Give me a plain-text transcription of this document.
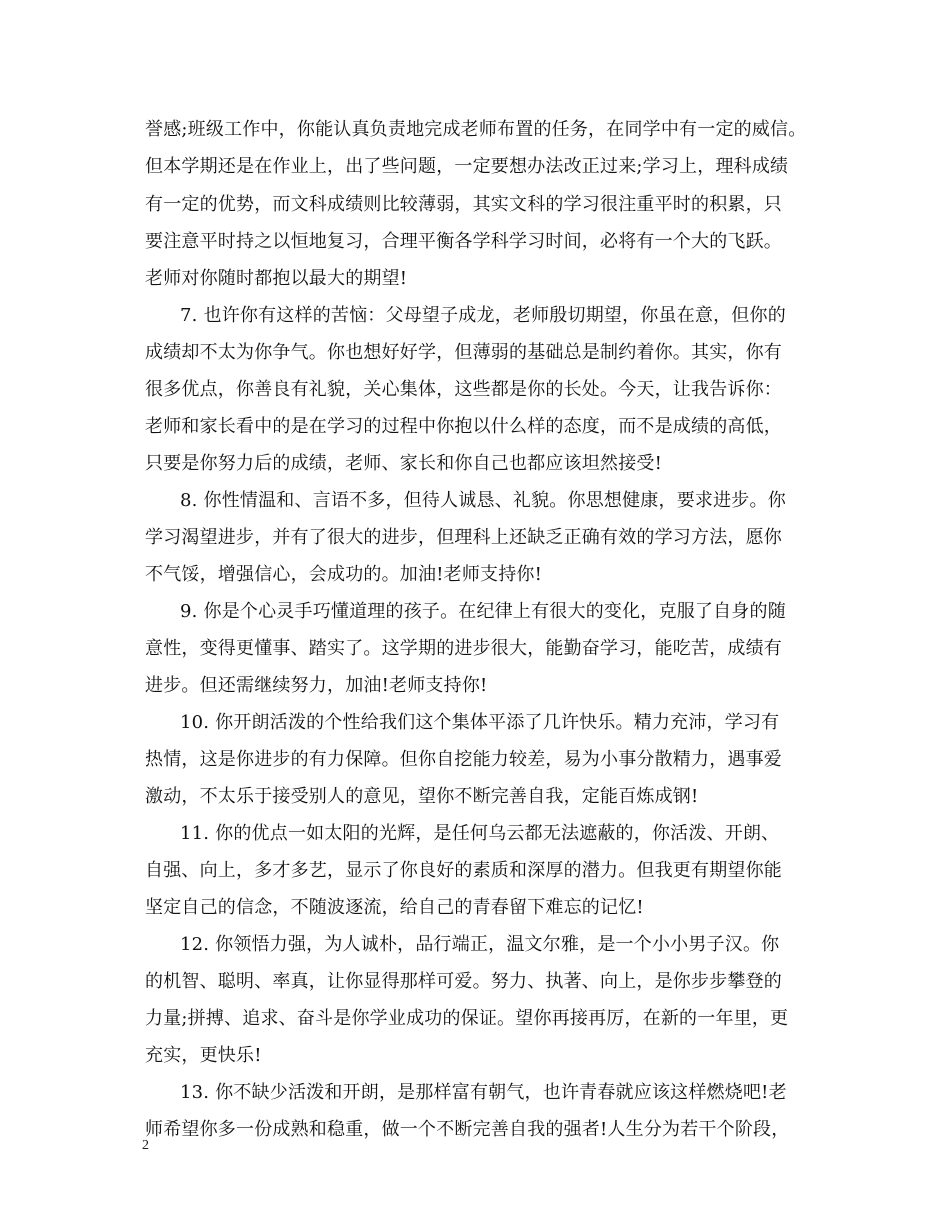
誉感;班级工作中，你能认真负责地完成老师布置的任务，在同学中有一定的威信。
但本学期还是在作业上，出了些问题，一定要想办法改正过来;学习上，理科成绩
有一定的优势，而文科成绩则比较薄弱，其实文科的学习很注重平时的积累，只
要注意平时持之以恒地复习，合理平衡各学科学习时间，必将有一个大的飞跃。
老师对你随时都抱以最大的期望!
7. 也许你有这样的苦恼：父母望子成龙，老师殷切期望，你虽在意，但你的
成绩却不太为你争气。你也想好好学，但薄弱的基础总是制约着你。其实，你有
很多优点，你善良有礼貌，关心集体，这些都是你的长处。今天，让我告诉你：
老师和家长看中的是在学习的过程中你抱以什么样的态度，而不是成绩的高低，
只要是你努力后的成绩，老师、家长和你自己也都应该坦然接受!
8. 你性情温和、言语不多，但待人诚恳、礼貌。你思想健康，要求进步。你
学习渴望进步，并有了很大的进步，但理科上还缺乏正确有效的学习方法，愿你
不气馁，增强信心，会成功的。加油!老师支持你!
9. 你是个心灵手巧懂道理的孩子。在纪律上有很大的变化，克服了自身的随
意性，变得更懂事、踏实了。这学期的进步很大，能勤奋学习，能吃苦，成绩有
进步。但还需继续努力，加油!老师支持你!
10. 你开朗活泼的个性给我们这个集体平添了几许快乐。精力充沛，学习有
热情，这是你进步的有力保障。但你自挖能力较差，易为小事分散精力，遇事爱
激动，不太乐于接受别人的意见，望你不断完善自我，定能百炼成钢!
11. 你的优点一如太阳的光辉，是任何乌云都无法遮蔽的，你活泼、开朗、
自强、向上，多才多艺，显示了你良好的素质和深厚的潜力。但我更有期望你能
坚定自己的信念，不随波逐流，给自己的青春留下难忘的记忆!
12. 你领悟力强，为人诚朴，品行端正，温文尔雅，是一个小小男子汉。你
的机智、聪明、率真，让你显得那样可爱。努力、执著、向上，是你步步攀登的
力量;拼搏、追求、奋斗是你学业成功的保证。望你再接再厉，在新的一年里，更
充实，更快乐!
13. 你不缺少活泼和开朗，是那样富有朝气，也许青春就应该这样燃烧吧!老
师希望你多一份成熟和稳重，做一个不断完善自我的强者!人生分为若干个阶段，
2
